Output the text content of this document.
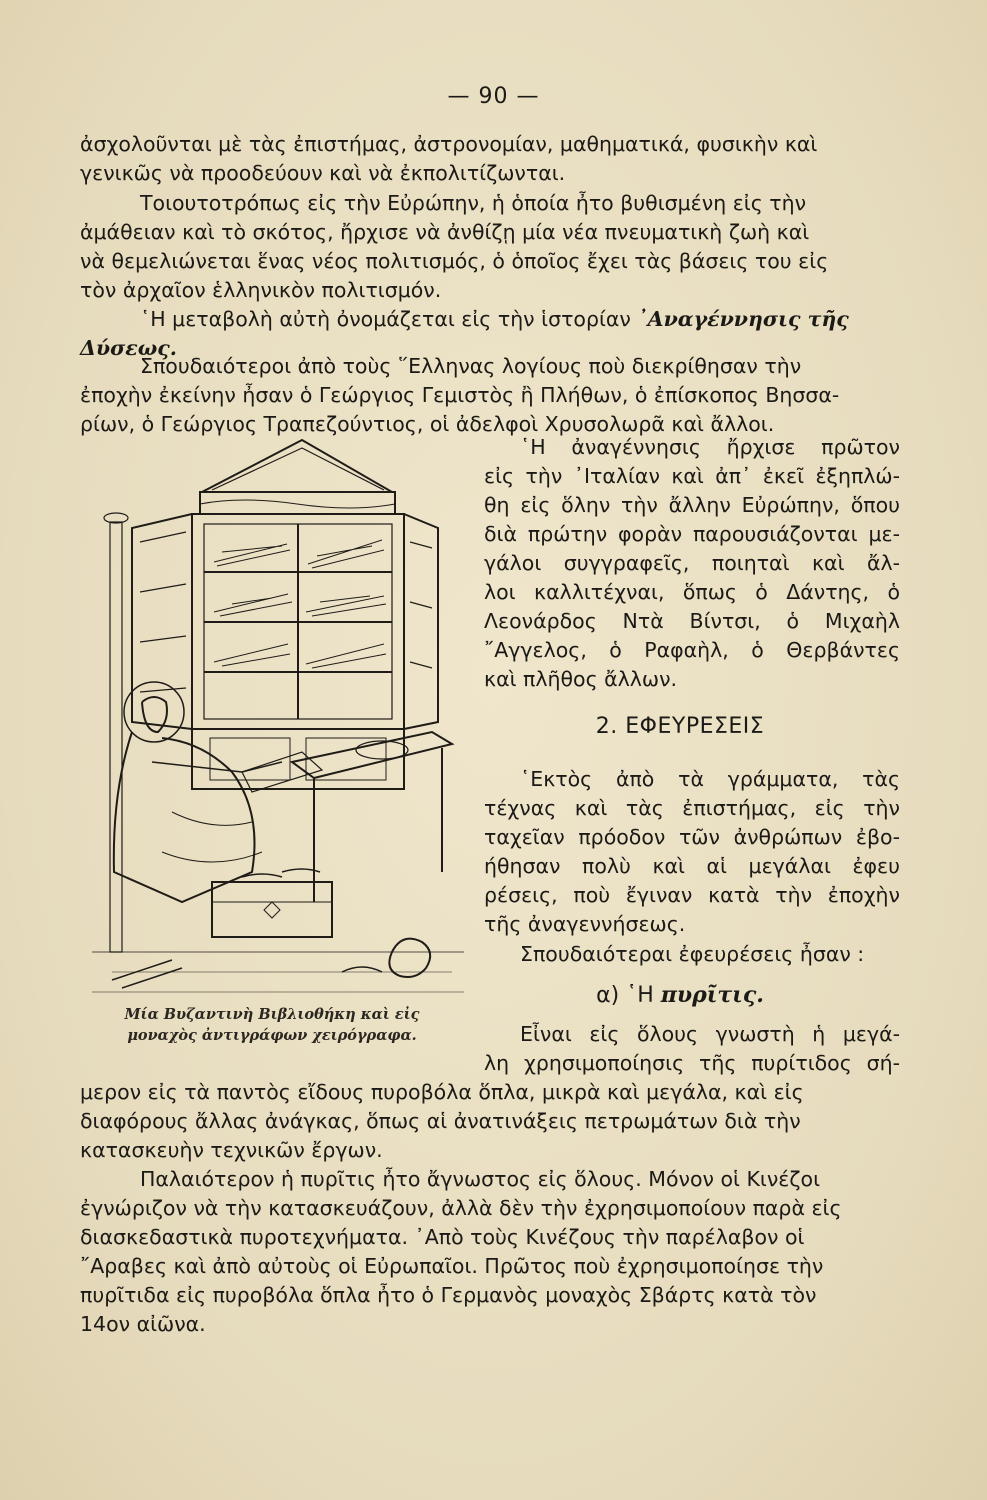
— 90 —
ἀσχολοῦνται μὲ τὰς ἐπιστήμας, ἀστρονομίαν, μαθηματικά, φυσικὴν καὶ
γενικῶς νὰ προοδεύουν καὶ νὰ ἐκπολιτίζωνται.
Τοιουτοτρόπως εἰς τὴν Εὐρώπην, ἡ ὁποία ἦτο βυθισμένη εἰς τὴν
ἀμάθειαν καὶ τὸ σκότος, ἤρχισε νὰ ἀνθίζῃ μία νέα πνευματικὴ ζωὴ καὶ
νὰ θεμελιώνεται ἕνας νέος πολιτισμός, ὁ ὁποῖος ἔχει τὰς βάσεις του εἰς
τὸν ἀρχαῖον ἑλληνικὸν πολιτισμόν.
῾Η μεταβολὴ αὐτὴ ὀνομάζεται εἰς τὴν ἱστορίαν ᾿Αναγέννησις τῆς
Δύσεως.
Σπουδαιότεροι ἀπὸ τοὺς ῞Ελληνας λογίους ποὺ διεκρίθησαν τὴν
ἐποχὴν ἐκείνην ἦσαν ὁ Γεώργιος Γεμιστὸς ἢ Πλήθων, ὁ ἐπίσκοπος Βησσα-
ρίων, ὁ Γεώργιος Τραπεζούντιος, οἱ ἀδελφοὶ Χρυσολωρᾶ καὶ ἄλλοι.
Μία Βυζαντινὴ Βιβλιοθήκη καὶ εἰς
μοναχὸς ἀντιγράφων χειρόγραφα.
῾Η ἀναγέννησις ἤρχισε πρῶτον
εἰς τὴν ᾿Ιταλίαν καὶ ἀπ᾿ ἐκεῖ ἐξηπλώ-
θη εἰς ὅλην τὴν ἄλλην Εὐρώπην, ὅπου
διὰ πρώτην φορὰν παρουσιάζονται με-
γάλοι συγγραφεῖς, ποιηταὶ καὶ ἄλ-
λοι καλλιτέχναι, ὅπως ὁ Δάντης, ὁ
Λεονάρδος Ντὰ Βίντσι, ὁ Μιχαὴλ
῎Αγγελος, ὁ Ραφαὴλ, ὁ Θερβάντες
καὶ πλῆθος ἄλλων.
2. ΕΦΕΥΡΕΣΕΙΣ
῾Εκτὸς ἀπὸ τὰ γράμματα, τὰς
τέχνας καὶ τὰς ἐπιστήμας, εἰς τὴν
ταχεῖαν πρόοδον τῶν ἀνθρώπων ἐβο-
ήθησαν πολὺ καὶ αἱ μεγάλαι ἐφευ
ρέσεις, ποὺ ἔγιναν κατὰ τὴν ἐποχὴν
τῆς ἀναγεννήσεως.
Σπουδαιότεραι ἐφευρέσεις ἦσαν :
α) ῾Η πυρῖτις.
Εἶναι εἰς ὅλους γνωστὴ ἡ μεγά-
λη χρησιμοποίησις τῆς πυρίτιδος σή-
μερον εἰς τὰ παντὸς εἴδους πυροβόλα ὅπλα, μικρὰ καὶ μεγάλα, καὶ εἰς
διαφόρους ἄλλας ἀνάγκας, ὅπως αἱ ἀνατινάξεις πετρωμάτων διὰ τὴν
κατασκευὴν τεχνικῶν ἔργων.
Παλαιότερον ἡ πυρῖτις ἦτο ἄγνωστος εἰς ὅλους. Μόνον οἱ Κινέζοι
ἐγνώριζον νὰ τὴν κατασκευάζουν, ἀλλὰ δὲν τὴν ἐχρησιμοποίουν παρὰ εἰς
διασκεδαστικὰ πυροτεχνήματα. ᾿Απὸ τοὺς Κινέζους τὴν παρέλαβον οἱ
῎Αραβες καὶ ἀπὸ αὐτοὺς οἱ Εὐρωπαῖοι. Πρῶτος ποὺ ἐχρησιμοποίησε τὴν
πυρῖτιδα εἰς πυροβόλα ὅπλα ἦτο ὁ Γερμανὸς μοναχὸς Σβάρτς κατὰ τὸν
14ον αἰῶνα.
